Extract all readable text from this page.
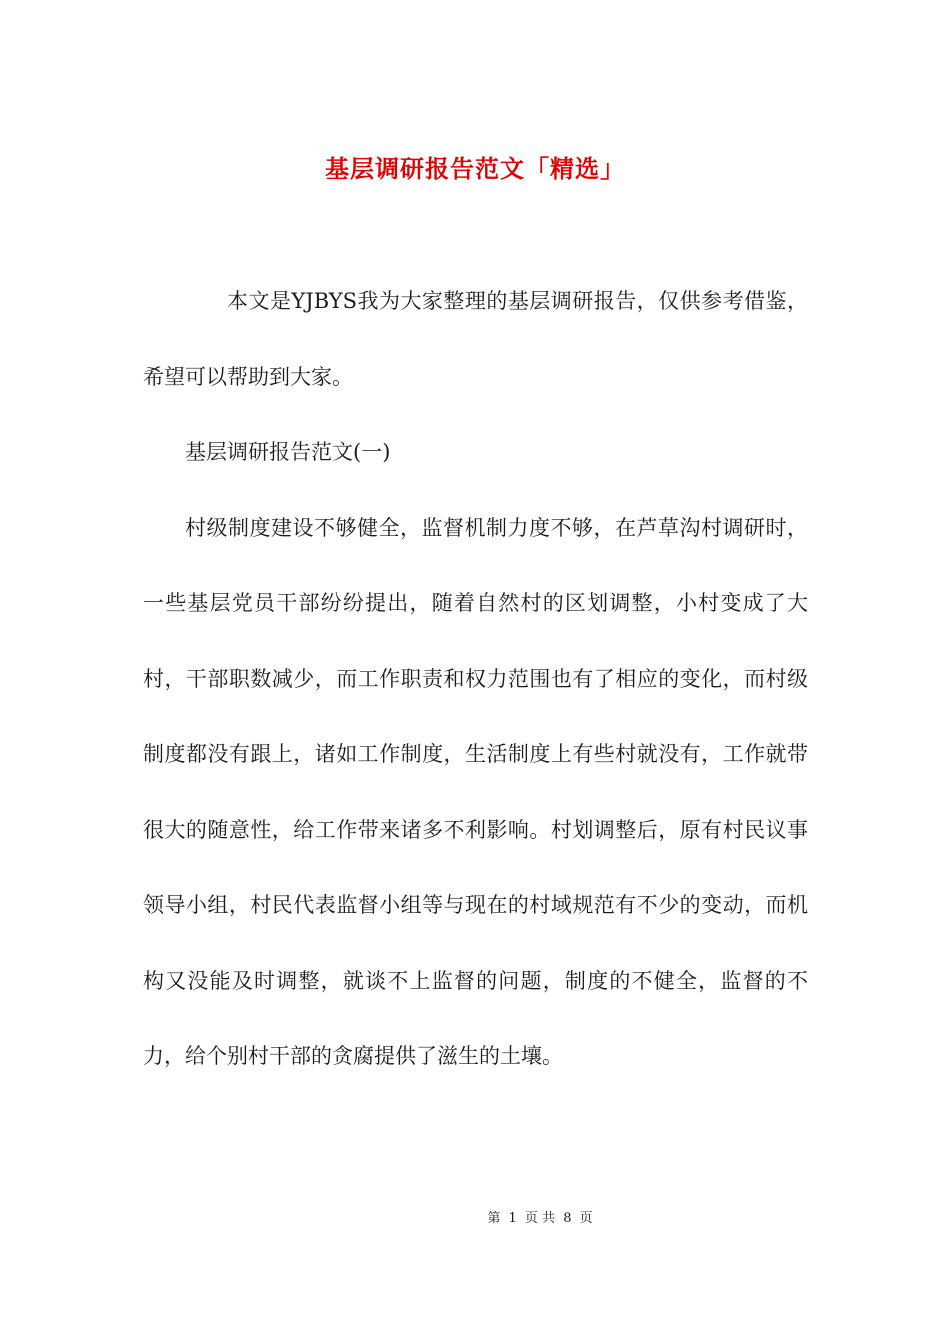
基层调研报告范文「精选」

本文是YJBYS我为大家整理的基层调研报告，仅供参考借鉴，希望可以帮助到大家。

基层调研报告范文(一)

村级制度建设不够健全，监督机制力度不够，在芦草沟村调研时，一些基层党员干部纷纷提出，随着自然村的区划调整，小村变成了大村，干部职数减少，而工作职责和权力范围也有了相应的变化，而村级制度都没有跟上，诸如工作制度，生活制度上有些村就没有，工作就带很大的随意性，给工作带来诸多不利影响。村划调整后，原有村民议事领导小组，村民代表监督小组等与现在的村域规范有不少的变动，而机构又没能及时调整，就谈不上监督的问题，制度的不健全，监督的不力，给个别村干部的贪腐提供了滋生的土壤。

第 1 页 共 8 页
